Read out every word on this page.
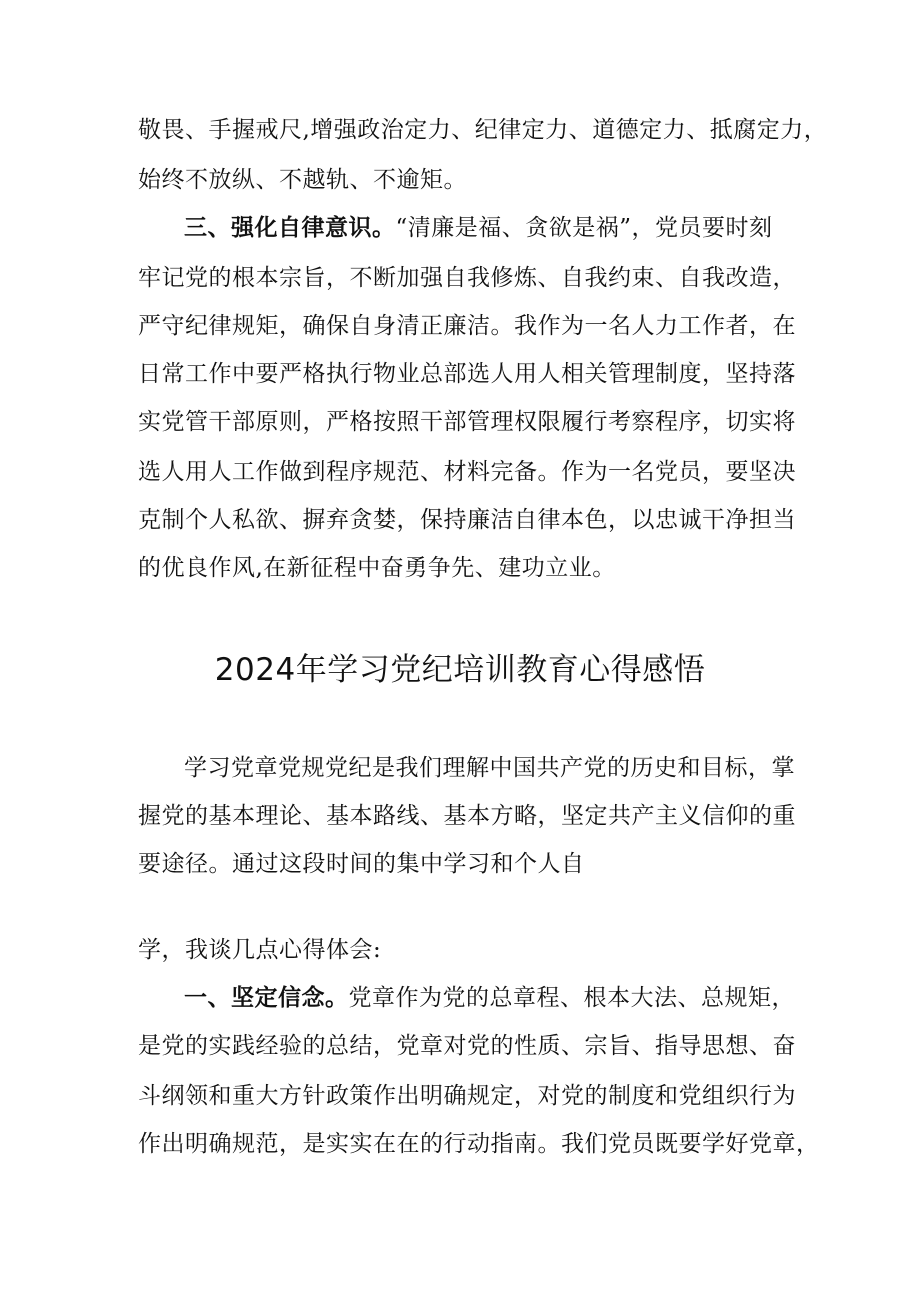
敬畏、手握戒尺,增强政治定力、纪律定力、道德定力、抵腐定力，
始终不放纵、不越轨、不逾矩。
三、强化自律意识。“清廉是福、贪欲是祸”，党员要时刻
牢记党的根本宗旨，不断加强自我修炼、自我约束、自我改造，
严守纪律规矩，确保自身清正廉洁。我作为一名人力工作者，在
日常工作中要严格执行物业总部选人用人相关管理制度，坚持落
实党管干部原则，严格按照干部管理权限履行考察程序，切实将
选人用人工作做到程序规范、材料完备。作为一名党员，要坚决
克制个人私欲、摒弃贪婪，保持廉洁自律本色，以忠诚干净担当
的优良作风,在新征程中奋勇争先、建功立业。
2024年学习党纪培训教育心得感悟
学习党章党规党纪是我们理解中国共产党的历史和目标，掌
握党的基本理论、基本路线、基本方略，坚定共产主义信仰的重
要途径。通过这段时间的集中学习和个人自
学，我谈几点心得体会:
一、坚定信念。党章作为党的总章程、根本大法、总规矩，
是党的实践经验的总结，党章对党的性质、宗旨、指导思想、奋
斗纲领和重大方针政策作出明确规定，对党的制度和党组织行为
作出明确规范，是实实在在的行动指南。我们党员既要学好党章，
